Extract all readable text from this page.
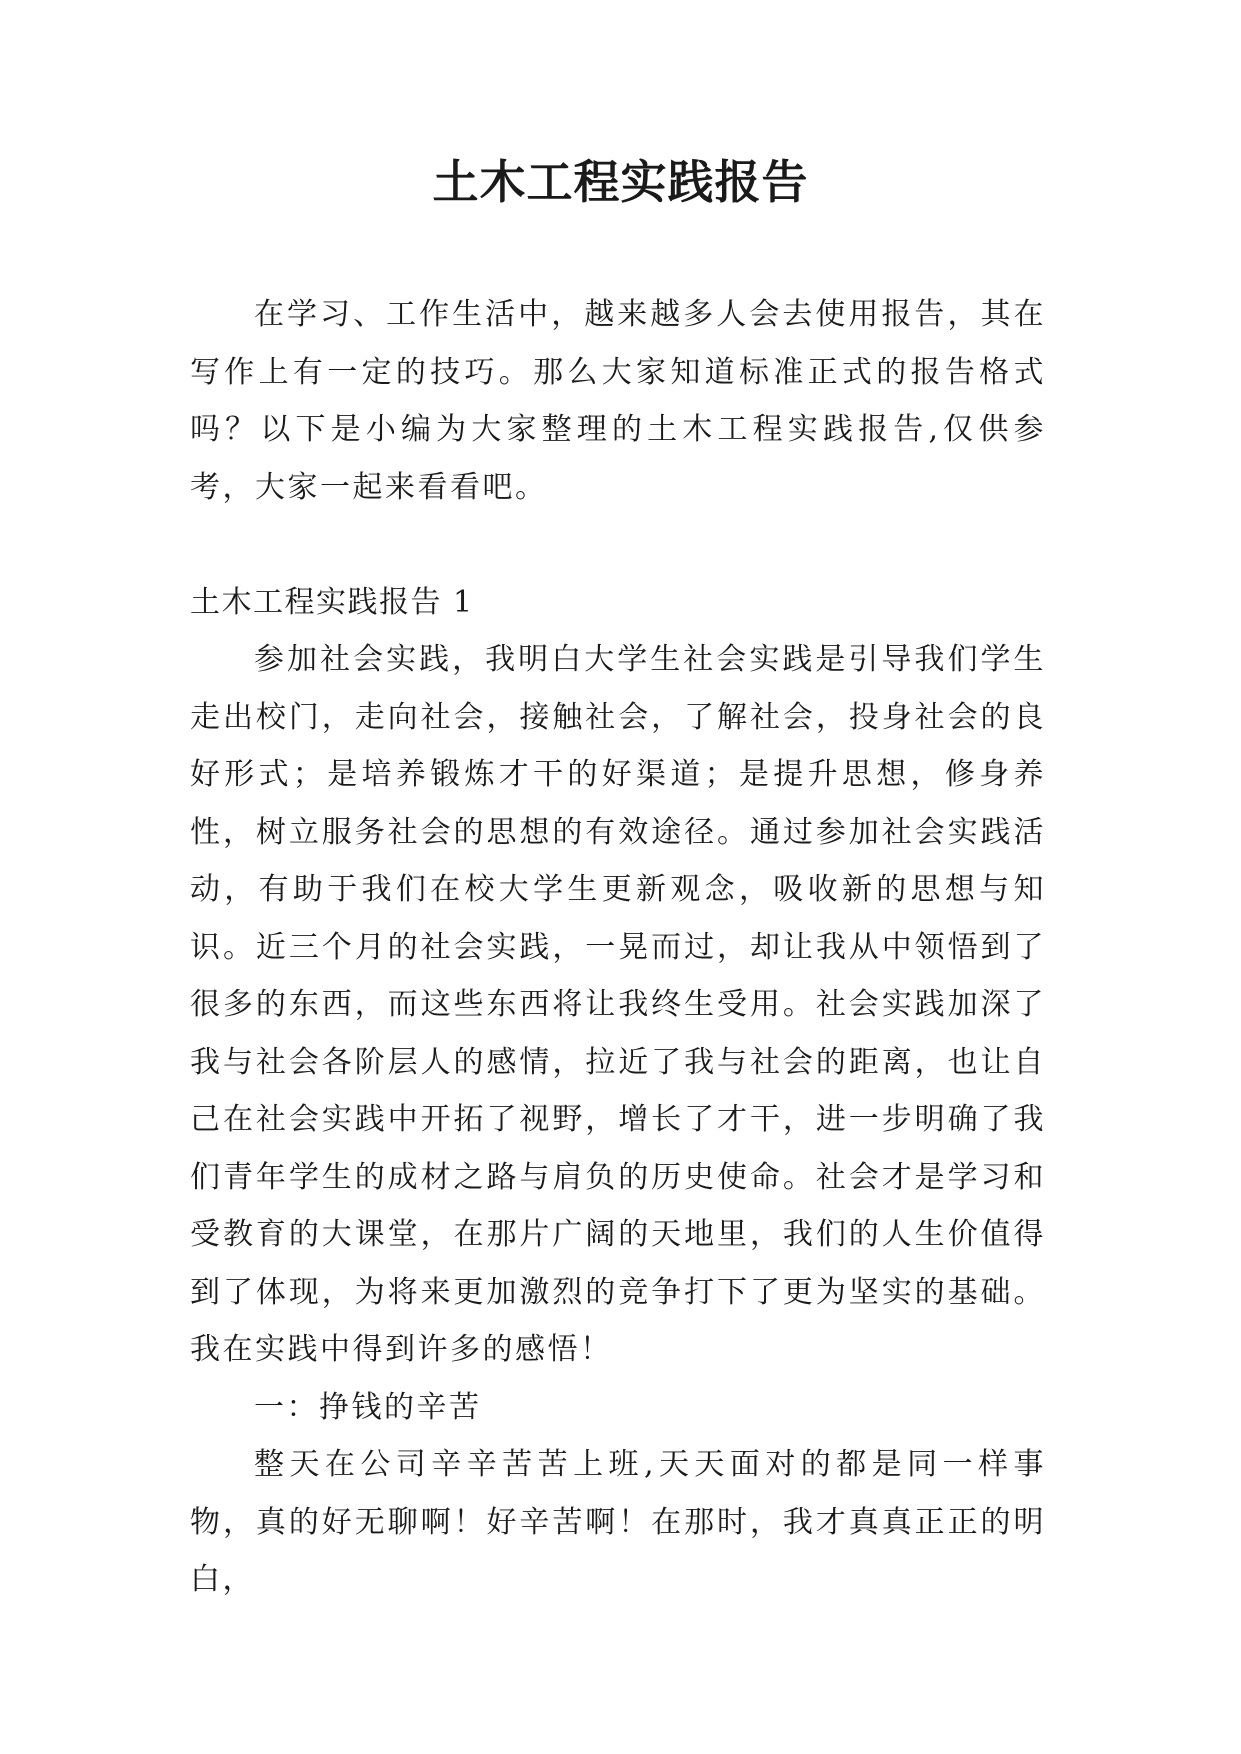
土木工程实践报告

在学习、工作生活中，越来越多人会去使用报告，其在写作上有一定的技巧。那么大家知道标准正式的报告格式吗？以下是小编为大家整理的土木工程实践报告,仅供参考，大家一起来看看吧。

土木工程实践报告 1

参加社会实践，我明白大学生社会实践是引导我们学生走出校门，走向社会，接触社会，了解社会，投身社会的良好形式；是培养锻炼才干的好渠道；是提升思想，修身养性，树立服务社会的思想的有效途径。通过参加社会实践活动，有助于我们在校大学生更新观念，吸收新的思想与知识。近三个月的社会实践，一晃而过，却让我从中领悟到了很多的东西，而这些东西将让我终生受用。社会实践加深了我与社会各阶层人的感情，拉近了我与社会的距离，也让自己在社会实践中开拓了视野，增长了才干，进一步明确了我们青年学生的成材之路与肩负的历史使命。社会才是学习和受教育的大课堂，在那片广阔的天地里，我们的人生价值得到了体现，为将来更加激烈的竞争打下了更为坚实的基础。我在实践中得到许多的感悟！

一：挣钱的辛苦

整天在公司辛辛苦苦上班,天天面对的都是同一样事物，真的好无聊啊！好辛苦啊！在那时，我才真真正正的明白，
